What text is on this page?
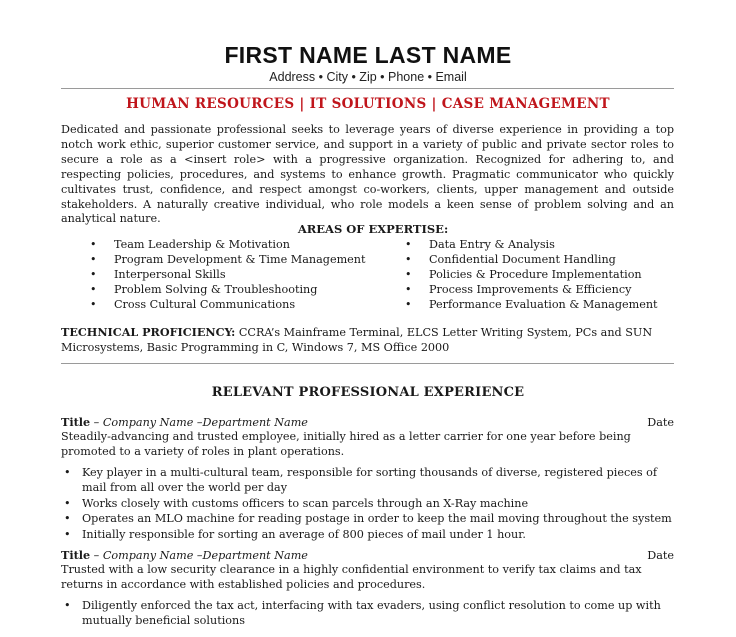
FIRST NAME LAST NAME
Address • City • Zip • Phone • Email
HUMAN RESOURCES | IT SOLUTIONS | CASE MANAGEMENT
Dedicated and passionate professional seeks to leverage years of diverse experience in providing a top notch work ethic, superior customer service, and support in a variety of public and private sector roles to secure a role as a <insert role> with a progressive organization. Recognized for adhering to, and respecting policies, procedures, and systems to enhance growth. Pragmatic communicator who quickly cultivates trust, confidence, and respect amongst co-workers, clients, upper management and outside stakeholders. A naturally creative individual, who role models a keen sense of problem solving and an analytical nature.
AREAS OF EXPERTISE:
• Team Leadership & Motivation
• Program Development & Time Management
• Interpersonal Skills
• Problem Solving & Troubleshooting
• Cross Cultural Communications
• Data Entry & Analysis
• Confidential Document Handling
• Policies & Procedure Implementation
• Process Improvements & Efficiency
• Performance Evaluation & Management
TECHNICAL PROFICIENCY: CCRA’s Mainframe Terminal, ELCS Letter Writing System, PCs and SUN Microsystems, Basic Programming in C, Windows 7, MS Office 2000
RELEVANT PROFESSIONAL EXPERIENCE
Title – Company Name –Department Name	Date

Steadily-advancing and trusted employee, initially hired as a letter carrier for one year before being promoted to a variety of roles in plant operations.

• Key player in a multi-cultural team, responsible for sorting thousands of diverse, registered pieces of mail from all over the world per day
• Works closely with customs officers to scan parcels through an X-Ray machine
• Operates an MLO machine for reading postage in order to keep the mail moving throughout the system
• Initially responsible for sorting an average of 800 pieces of mail under 1 hour.
Title – Company Name –Department Name	Date

Trusted with a low security clearance in a highly confidential environment to verify tax claims and tax returns in accordance with established policies and procedures.

• Diligently enforced the tax act, interfacing with tax evaders, using conflict resolution to come up with mutually beneficial solutions
